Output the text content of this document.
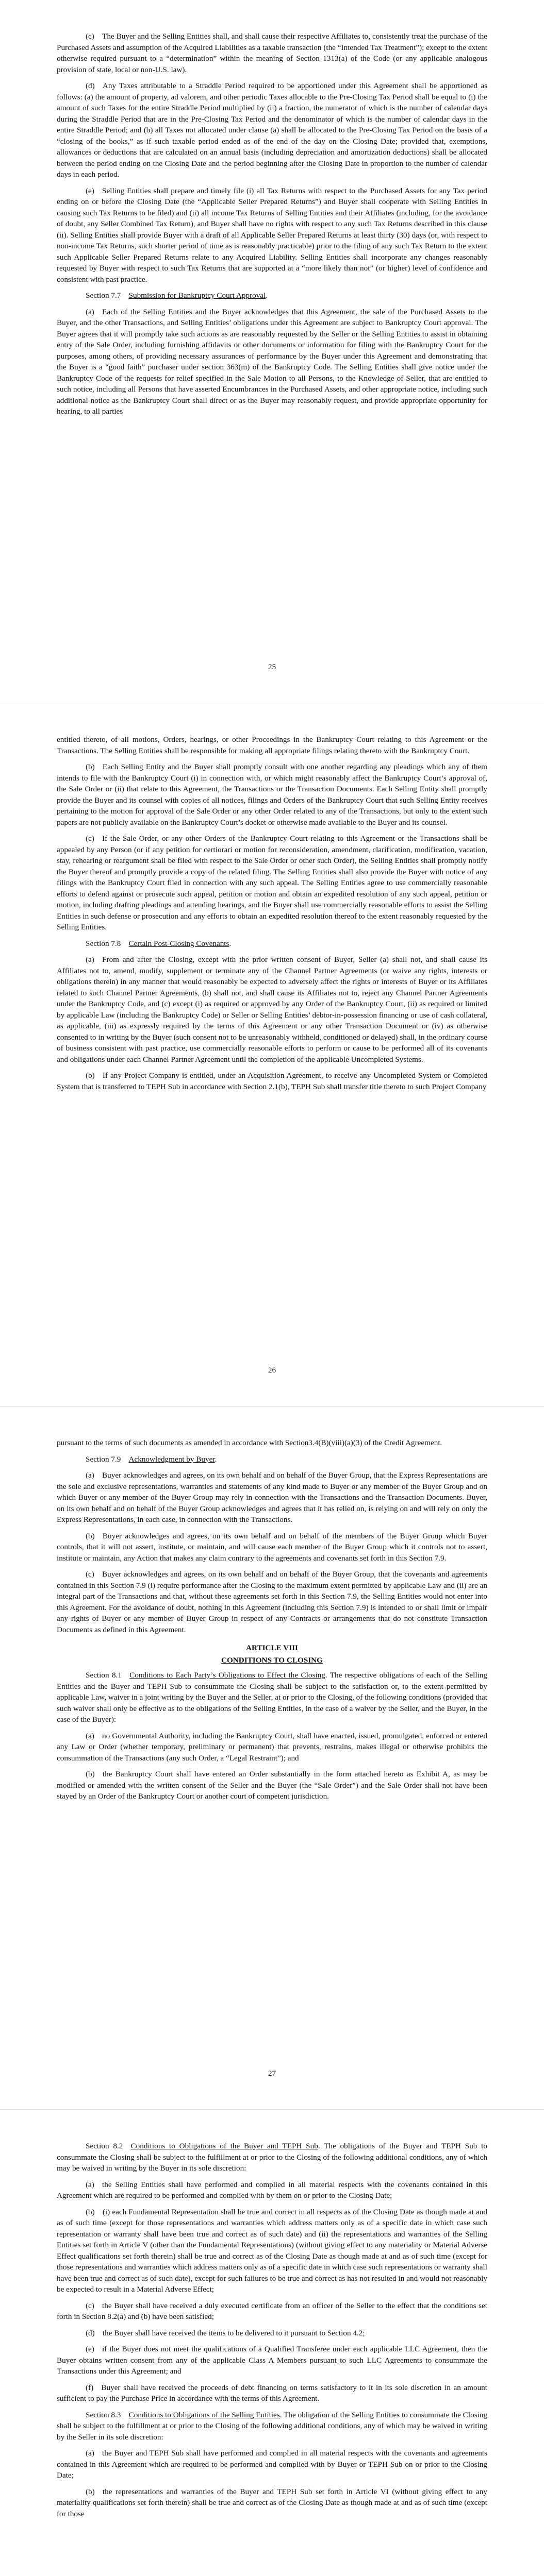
(c) The Buyer and the Selling Entities shall, and shall cause their respective Affiliates to, consistently treat the purchase of the Purchased Assets and assumption of the Acquired Liabilities as a taxable transaction (the “Intended Tax Treatment”); except to the extent otherwise required pursuant to a “determination” within the meaning of Section 1313(a) of the Code (or any applicable analogous provision of state, local or non-U.S. law).

(d) Any Taxes attributable to a Straddle Period required to be apportioned under this Agreement shall be apportioned as follows: (a) the amount of property, ad valorem, and other periodic Taxes allocable to the Pre-Closing Tax Period shall be equal to (i) the amount of such Taxes for the entire Straddle Period multiplied by (ii) a fraction, the numerator of which is the number of calendar days during the Straddle Period that are in the Pre-Closing Tax Period and the denominator of which is the number of calendar days in the entire Straddle Period; and (b) all Taxes not allocated under clause (a) shall be allocated to the Pre-Closing Tax Period on the basis of a “closing of the books,” as if such taxable period ended as of the end of the day on the Closing Date; provided that, exemptions, allowances or deductions that are calculated on an annual basis (including depreciation and amortization deductions) shall be allocated between the period ending on the Closing Date and the period beginning after the Closing Date in proportion to the number of calendar days in each period.

(e) Selling Entities shall prepare and timely file (i) all Tax Returns with respect to the Purchased Assets for any Tax period ending on or before the Closing Date (the “Applicable Seller Prepared Returns”) and Buyer shall cooperate with Selling Entities in causing such Tax Returns to be filed) and (ii) all income Tax Returns of Selling Entities and their Affiliates (including, for the avoidance of doubt, any Seller Combined Tax Return), and Buyer shall have no rights with respect to any such Tax Returns described in this clause (ii). Selling Entities shall provide Buyer with a draft of all Applicable Seller Prepared Returns at least thirty (30) days (or, with respect to non-income Tax Returns, such shorter period of time as is reasonably practicable) prior to the filing of any such Tax Return to the extent such Applicable Seller Prepared Returns relate to any Acquired Liability. Selling Entities shall incorporate any changes reasonably requested by Buyer with respect to such Tax Returns that are supported at a “more likely than not” (or higher) level of confidence and consistent with past practice.

Section 7.7  Submission for Bankruptcy Court Approval.

(a) Each of the Selling Entities and the Buyer acknowledges that this Agreement, the sale of the Purchased Assets to the Buyer, and the other Transactions, and Selling Entities’ obligations under this Agreement are subject to Bankruptcy Court approval. The Buyer agrees that it will promptly take such actions as are reasonably requested by the Seller or the Selling Entities to assist in obtaining entry of the Sale Order, including furnishing affidavits or other documents or information for filing with the Bankruptcy Court for the purposes, among others, of providing necessary assurances of performance by the Buyer under this Agreement and demonstrating that the Buyer is a “good faith” purchaser under section 363(m) of the Bankruptcy Code. The Selling Entities shall give notice under the Bankruptcy Code of the requests for relief specified in the Sale Motion to all Persons, to the Knowledge of Seller, that are entitled to such notice, including all Persons that have asserted Encumbrances in the Purchased Assets, and other appropriate notice, including such additional notice as the Bankruptcy Court shall direct or as the Buyer may reasonably request, and provide appropriate opportunity for hearing, to all parties

25

entitled thereto, of all motions, Orders, hearings, or other Proceedings in the Bankruptcy Court relating to this Agreement or the Transactions. The Selling Entities shall be responsible for making all appropriate filings relating thereto with the Bankruptcy Court.

(b) Each Selling Entity and the Buyer shall promptly consult with one another regarding any pleadings which any of them intends to file with the Bankruptcy Court (i) in connection with, or which might reasonably affect the Bankruptcy Court’s approval of, the Sale Order or (ii) that relate to this Agreement, the Transactions or the Transaction Documents. Each Selling Entity shall promptly provide the Buyer and its counsel with copies of all notices, filings and Orders of the Bankruptcy Court that such Selling Entity receives pertaining to the motion for approval of the Sale Order or any other Order related to any of the Transactions, but only to the extent such papers are not publicly available on the Bankruptcy Court’s docket or otherwise made available to the Buyer and its counsel.

(c) If the Sale Order, or any other Orders of the Bankruptcy Court relating to this Agreement or the Transactions shall be appealed by any Person (or if any petition for certiorari or motion for reconsideration, amendment, clarification, modification, vacation, stay, rehearing or reargument shall be filed with respect to the Sale Order or other such Order), the Selling Entities shall promptly notify the Buyer thereof and promptly provide a copy of the related filing. The Selling Entities shall also provide the Buyer with notice of any filings with the Bankruptcy Court filed in connection with any such appeal. The Selling Entities agree to use commercially reasonable efforts to defend against or prosecute such appeal, petition or motion and obtain an expedited resolution of any such appeal, petition or motion, including drafting pleadings and attending hearings, and the Buyer shall use commercially reasonable efforts to assist the Selling Entities in such defense or prosecution and any efforts to obtain an expedited resolution thereof to the extent reasonably requested by the Selling Entities.

Section 7.8  Certain Post-Closing Covenants.

(a) From and after the Closing, except with the prior written consent of Buyer, Seller (a) shall not, and shall cause its Affiliates not to, amend, modify, supplement or terminate any of the Channel Partner Agreements (or waive any rights, interests or obligations therein) in any manner that would reasonably be expected to adversely affect the rights or interests of Buyer or its Affiliates related to such Channel Partner Agreements, (b) shall not, and shall cause its Affiliates not to, reject any Channel Partner Agreements under the Bankruptcy Code, and (c) except (i) as required or approved by any Order of the Bankruptcy Court, (ii) as required or limited by applicable Law (including the Bankruptcy Code) or Seller or Selling Entities’ debtor-in-possession financing or use of cash collateral, as applicable, (iii) as expressly required by the terms of this Agreement or any other Transaction Document or (iv) as otherwise consented to in writing by the Buyer (such consent not to be unreasonably withheld, conditioned or delayed) shall, in the ordinary course of business consistent with past practice, use commercially reasonable efforts to perform or cause to be performed all of its covenants and obligations under each Channel Partner Agreement until the completion of the applicable Uncompleted Systems.

(b) If any Project Company is entitled, under an Acquisition Agreement, to receive any Uncompleted System or Completed System that is transferred to TEPH Sub in accordance with Section 2.1(b), TEPH Sub shall transfer title thereto to such Project Company

26

pursuant to the terms of such documents as amended in accordance with Section3.4(B)(viii)(a)(3) of the Credit Agreement.

Section 7.9  Acknowledgment by Buyer.

(a) Buyer acknowledges and agrees, on its own behalf and on behalf of the Buyer Group, that the Express Representations are the sole and exclusive representations, warranties and statements of any kind made to Buyer or any member of the Buyer Group and on which Buyer or any member of the Buyer Group may rely in connection with the Transactions and the Transaction Documents. Buyer, on its own behalf and on behalf of the Buyer Group acknowledges and agrees that it has relied on, is relying on and will rely on only the Express Representations, in each case, in connection with the Transactions.

(b) Buyer acknowledges and agrees, on its own behalf and on behalf of the members of the Buyer Group which Buyer controls, that it will not assert, institute, or maintain, and will cause each member of the Buyer Group which it controls not to assert, institute or maintain, any Action that makes any claim contrary to the agreements and covenants set forth in this Section 7.9.

(c) Buyer acknowledges and agrees, on its own behalf and on behalf of the Buyer Group, that the covenants and agreements contained in this Section 7.9 (i) require performance after the Closing to the maximum extent permitted by applicable Law and (ii) are an integral part of the Transactions and that, without these agreements set forth in this Section 7.9, the Selling Entities would not enter into this Agreement. For the avoidance of doubt, nothing in this Agreement (including this Section 7.9) is intended to or shall limit or impair any rights of Buyer or any member of Buyer Group in respect of any Contracts or arrangements that do not constitute Transaction Documents as defined in this Agreement.

ARTICLE VIII

CONDITIONS TO CLOSING

Section 8.1  Conditions to Each Party’s Obligations to Effect the Closing. The respective obligations of each of the Selling Entities and the Buyer and TEPH Sub to consummate the Closing shall be subject to the satisfaction or, to the extent permitted by applicable Law, waiver in a joint writing by the Buyer and the Seller, at or prior to the Closing, of the following conditions (provided that such waiver shall only be effective as to the obligations of the Selling Entities, in the case of a waiver by the Seller, and the Buyer, in the case of the Buyer):

(a) no Governmental Authority, including the Bankruptcy Court, shall have enacted, issued, promulgated, enforced or entered any Law or Order (whether temporary, preliminary or permanent) that prevents, restrains, makes illegal or otherwise prohibits the consummation of the Transactions (any such Order, a “Legal Restraint”); and

(b) the Bankruptcy Court shall have entered an Order substantially in the form attached hereto as Exhibit A, as may be modified or amended with the written consent of the Seller and the Buyer (the “Sale Order”) and the Sale Order shall not have been stayed by an Order of the Bankruptcy Court or another court of competent jurisdiction.

27

Section 8.2  Conditions to Obligations of the Buyer and TEPH Sub. The obligations of the Buyer and TEPH Sub to consummate the Closing shall be subject to the fulfillment at or prior to the Closing of the following additional conditions, any of which may be waived in writing by the Buyer in its sole discretion:

(a) the Selling Entities shall have performed and complied in all material respects with the covenants contained in this Agreement which are required to be performed and complied with by them on or prior to the Closing Date;

(b) (i) each Fundamental Representation shall be true and correct in all respects as of the Closing Date as though made at and as of such time (except for those representations and warranties which address matters only as of a specific date in which case such representation or warranty shall have been true and correct as of such date) and (ii) the representations and warranties of the Selling Entities set forth in Article V (other than the Fundamental Representations) (without giving effect to any materiality or Material Adverse Effect qualifications set forth therein) shall be true and correct as of the Closing Date as though made at and as of such time (except for those representations and warranties which address matters only as of a specific date in which case such representations or warranty shall have been true and correct as of such date), except for such failures to be true and correct as has not resulted in and would not reasonably be expected to result in a Material Adverse Effect;

(c) the Buyer shall have received a duly executed certificate from an officer of the Seller to the effect that the conditions set forth in Section 8.2(a) and (b) have been satisfied;

(d) the Buyer shall have received the items to be delivered to it pursuant to Section 4.2;

(e) if the Buyer does not meet the qualifications of a Qualified Transferee under each applicable LLC Agreement, then the Buyer obtains written consent from any of the applicable Class A Members pursuant to such LLC Agreements to consummate the Transactions under this Agreement; and

(f) Buyer shall have received the proceeds of debt financing on terms satisfactory to it in its sole discretion in an amount sufficient to pay the Purchase Price in accordance with the terms of this Agreement.

Section 8.3  Conditions to Obligations of the Selling Entities. The obligation of the Selling Entities to consummate the Closing shall be subject to the fulfillment at or prior to the Closing of the following additional conditions, any of which may be waived in writing by the Seller in its sole discretion:

(a) the Buyer and TEPH Sub shall have performed and complied in all material respects with the covenants and agreements contained in this Agreement which are required to be performed and complied with by Buyer or TEPH Sub on or prior to the Closing Date;

(b) the representations and warranties of the Buyer and TEPH Sub set forth in Article VI (without giving effect to any materiality qualifications set forth therein) shall be true and correct as of the Closing Date as though made at and as of such time (except for those
